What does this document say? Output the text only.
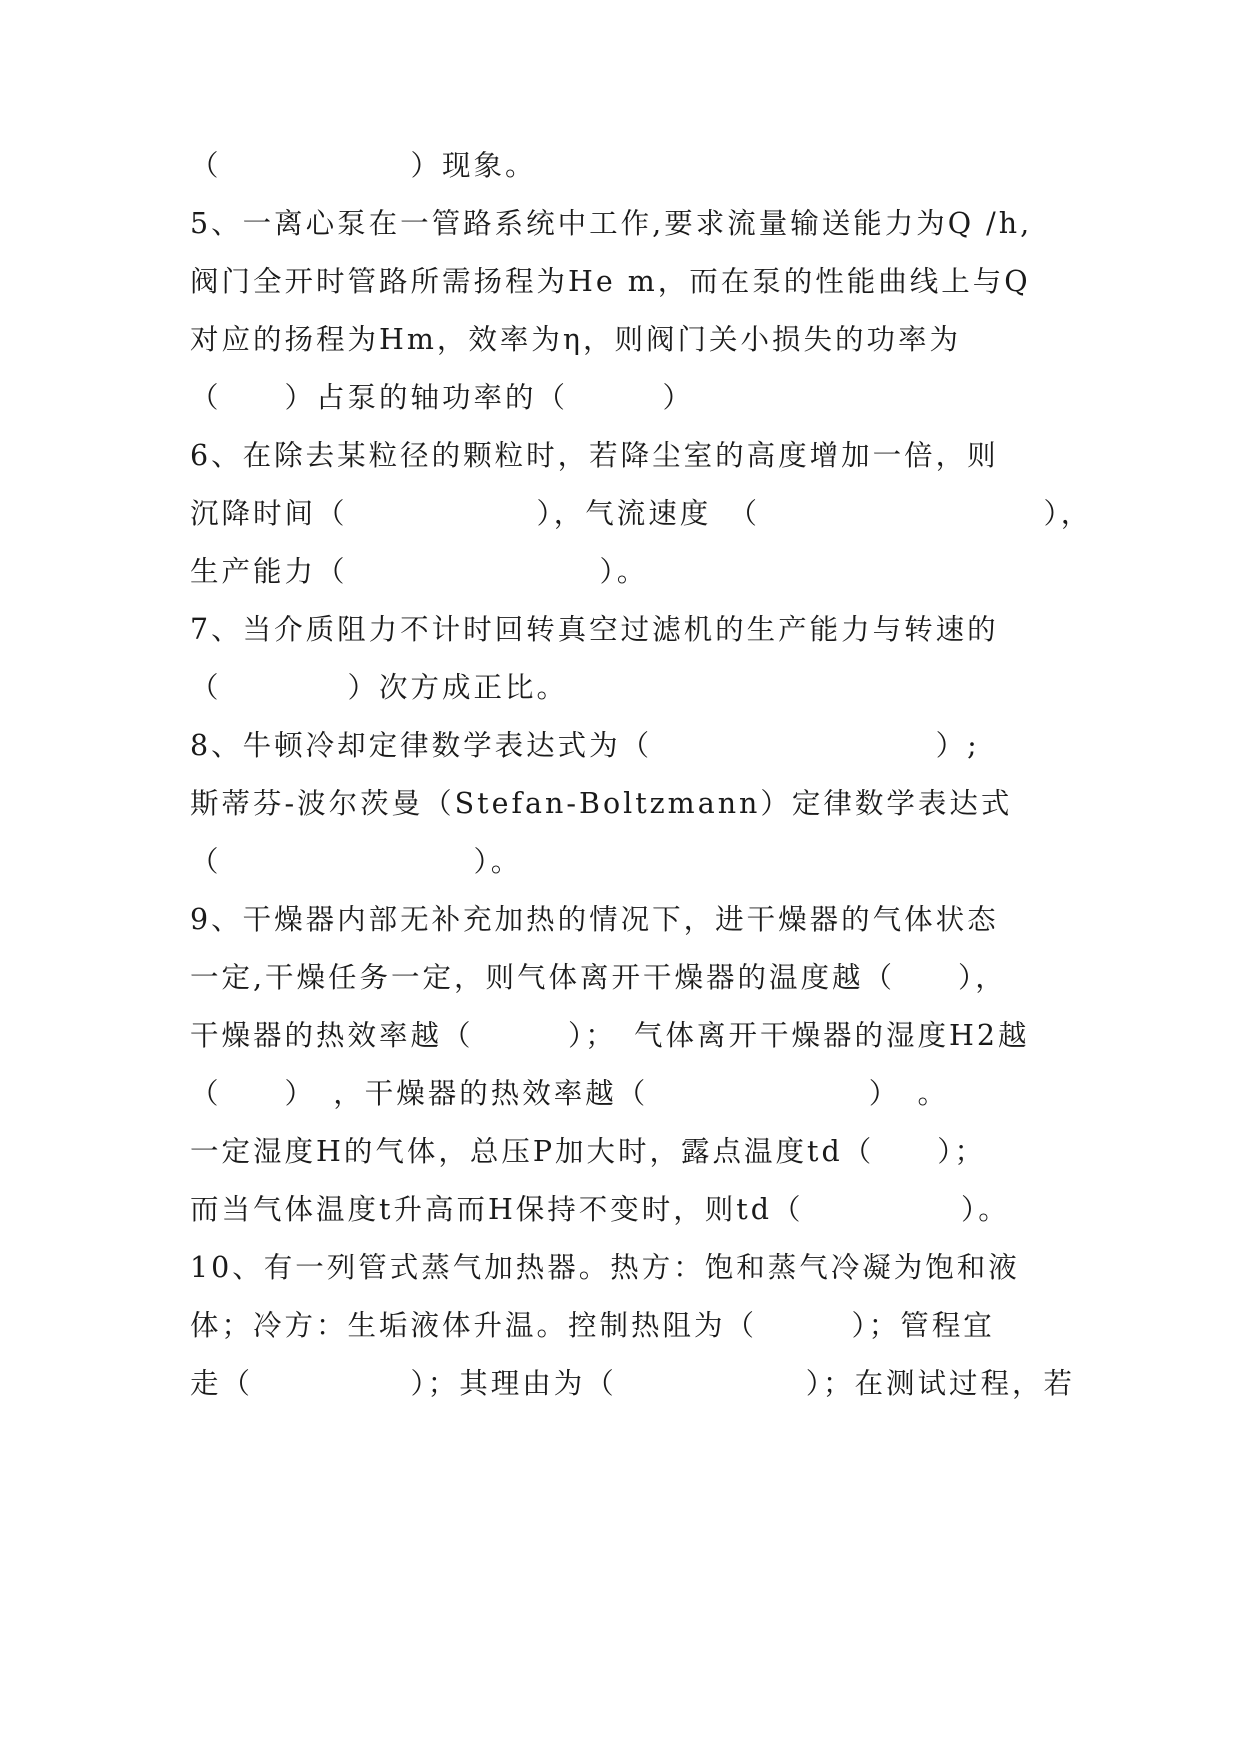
（　　　　　　）现象。
5、一离心泵在一管路系统中工作,要求流量输送能力为Q /h,
阀门全开时管路所需扬程为He m，而在泵的性能曲线上与Q
对应的扬程为Hm，效率为η，则阀门关小损失的功率为
（　　）占泵的轴功率的（　　　）
6、在除去某粒径的颗粒时，若降尘室的高度增加一倍，则
沉降时间（　　　　　　），气流速度　（　　　　　　　　　），
生产能力（　　　　　　　　）。
7、当介质阻力不计时回转真空过滤机的生产能力与转速的
（　　　　）次方成正比。
8、牛顿冷却定律数学表达式为（　　　　　　　　　）;
斯蒂芬-波尔茨曼（Stefan-Boltzmann）定律数学表达式
（　　　　　　　　）。
9、干燥器内部无补充加热的情况下，进干燥器的气体状态
一定,干燥任务一定，则气体离开干燥器的温度越（　　），
干燥器的热效率越（　　　）；　气体离开干燥器的湿度H2越
（　　）　，干燥器的热效率越（　　　　　　　）　。
一定湿度H的气体，总压P加大时，露点温度td（　　）；
而当气体温度t升高而H保持不变时，则td（　　　　　）。
10、有一列管式蒸气加热器。热方：饱和蒸气冷凝为饱和液
体；冷方：生垢液体升温。控制热阻为（　　　）；管程宜
走（　　　　　）；其理由为（　　　　　　）；在测试过程，若
